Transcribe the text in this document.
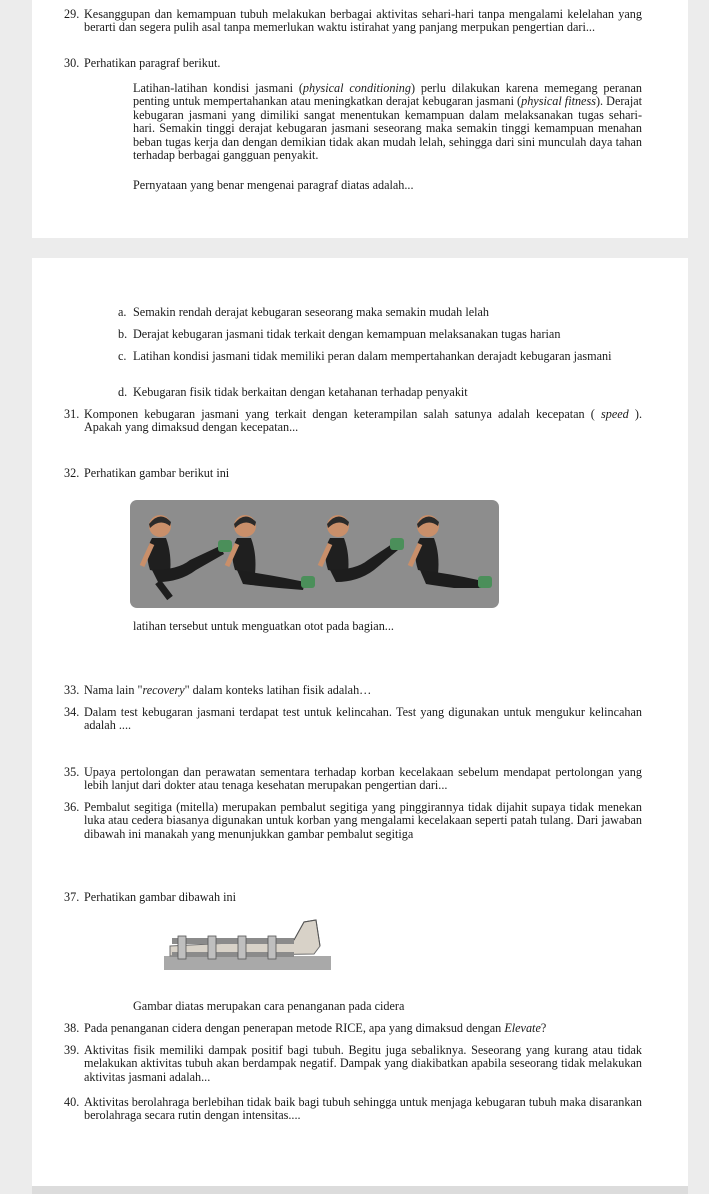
29. Kesanggupan dan kemampuan tubuh melakukan berbagai aktivitas sehari-hari tanpa mengalami kelelahan yang berarti dan segera pulih asal tanpa memerlukan waktu istirahat yang panjang merpukan pengertian dari...

30. Perhatikan paragraf berikut.

Latihan-latihan kondisi jasmani (physical conditioning) perlu dilakukan karena memegang peranan penting untuk mempertahankan atau meningkatkan derajat kebugaran jasmani (physical fitness). Derajat kebugaran jasmani yang dimiliki sangat menentukan kemampuan dalam melaksanakan tugas sehari-hari. Semakin tinggi derajat kebugaran jasmani seseorang maka semakin tinggi kemampuan menahan beban tugas kerja dan dengan demikian tidak akan mudah lelah, sehingga dari sini munculah daya tahan terhadap berbagai gangguan penyakit.

Pernyataan yang benar mengenai paragraf diatas adalah...

a. Semakin rendah derajat kebugaran seseorang maka semakin mudah lelah
b. Derajat kebugaran jasmani tidak terkait dengan kemampuan melaksanakan tugas harian
c. Latihan kondisi jasmani tidak memiliki peran dalam mempertahankan derajadt kebugaran jasmani
d. Kebugaran fisik tidak berkaitan dengan ketahanan terhadap penyakit
31. Komponen kebugaran jasmani yang terkait dengan keterampilan salah satunya adalah kecepatan ( speed ). Apakah yang dimaksud dengan kecepatan...

32. Perhatikan gambar berikut ini

latihan tersebut untuk menguatkan otot pada bagian...

33. Nama lain "recovery" dalam konteks latihan fisik adalah…

34. Dalam test kebugaran jasmani terdapat test untuk kelincahan. Test yang digunakan untuk mengukur kelincahan adalah ....

35. Upaya pertolongan dan perawatan sementara terhadap korban kecelakaan sebelum mendapat pertolongan yang lebih lanjut dari dokter atau tenaga kesehatan merupakan pengertian dari...

36. Pembalut segitiga (mitella) merupakan pembalut segitiga yang pinggirannya tidak dijahit supaya tidak menekan luka atau cedera biasanya digunakan untuk korban yang mengalami kecelakaan seperti patah tulang. Dari jawaban dibawah ini manakah yang menunjukkan gambar pembalut segitiga

37. Perhatikan gambar dibawah ini

Gambar diatas merupakan cara penanganan pada cidera

38. Pada penanganan cidera dengan penerapan metode RICE, apa yang dimaksud dengan Elevate?

39. Aktivitas fisik memiliki dampak positif bagi tubuh. Begitu juga sebaliknya. Seseorang yang kurang atau tidak melakukan aktivitas tubuh akan berdampak negatif. Dampak yang diakibatkan apabila seseorang tidak melakukan aktivitas jasmani adalah...

40. Aktivitas berolahraga berlebihan tidak baik bagi tubuh sehingga untuk menjaga kebugaran tubuh maka disarankan berolahraga secara rutin dengan intensitas....
